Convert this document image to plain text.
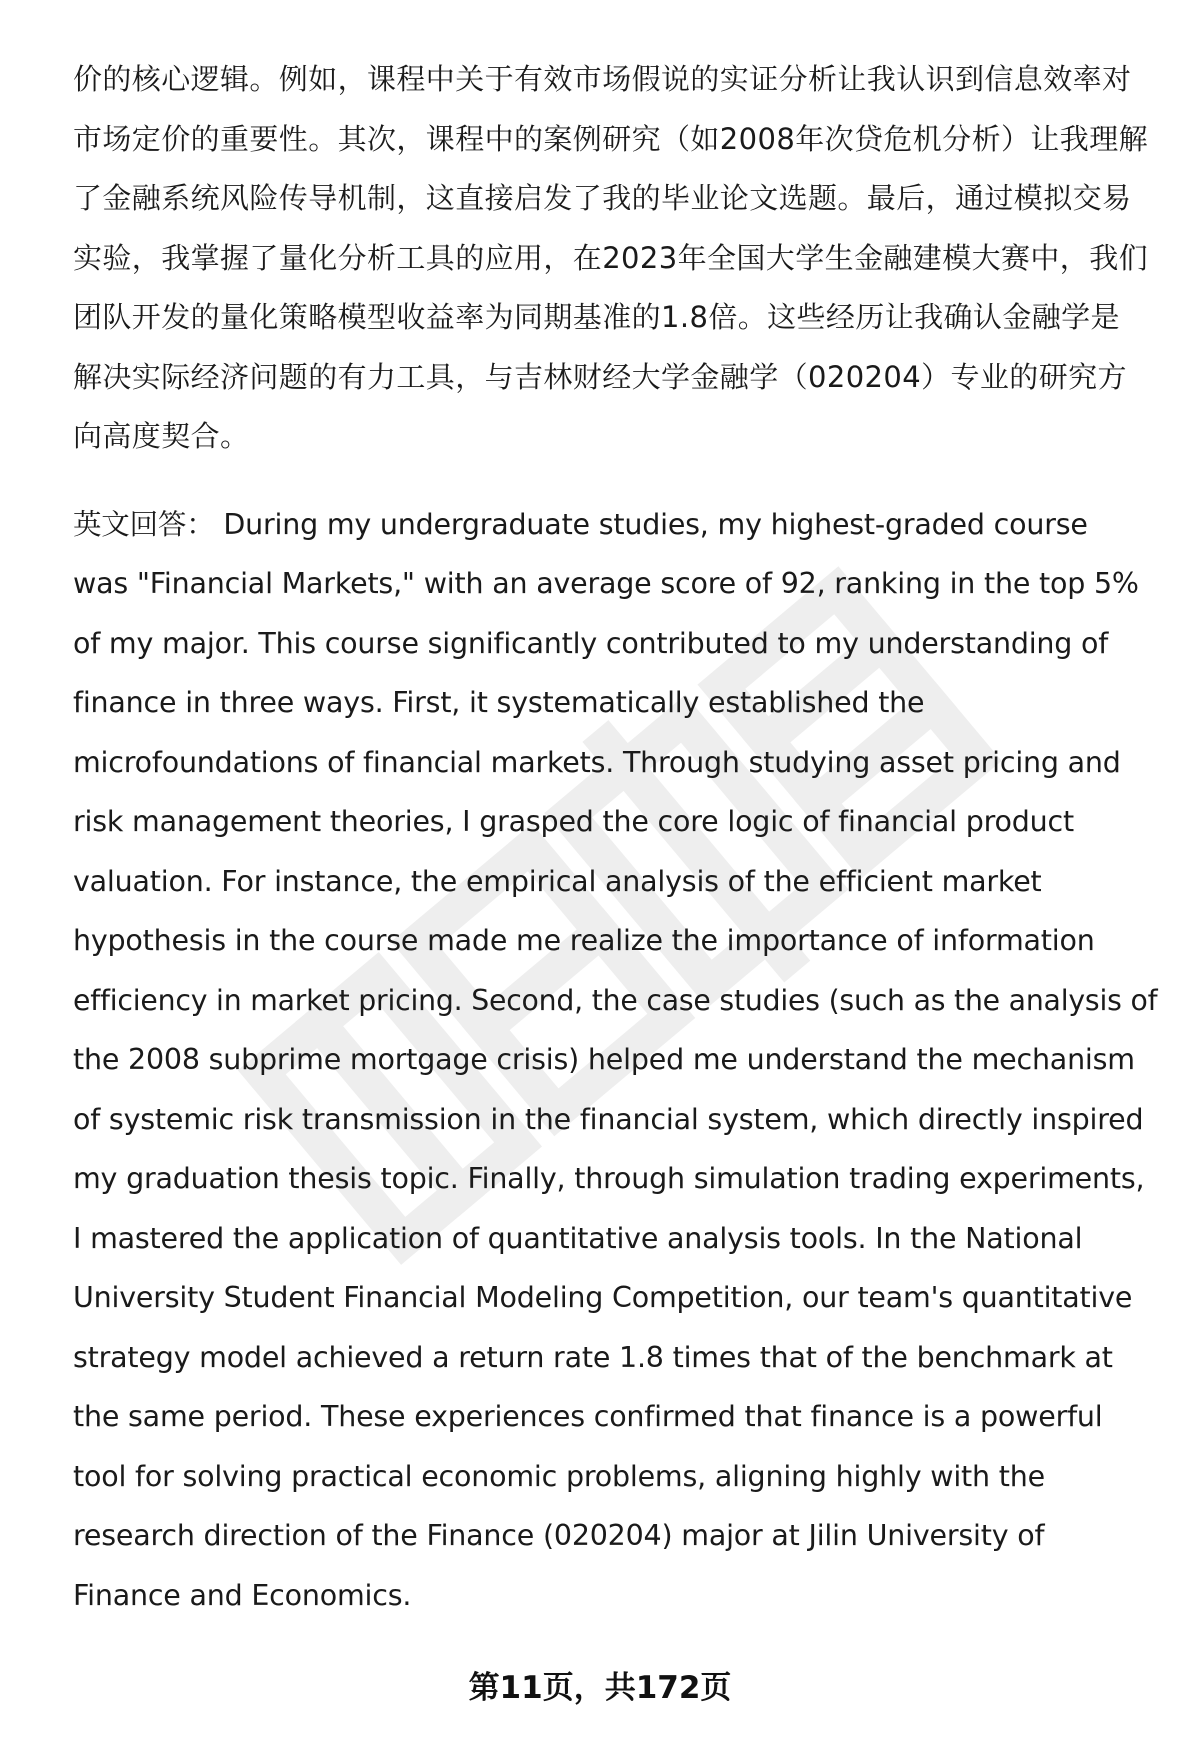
价的核心逻辑。例如，课程中关于有效市场假说的实证分析让我认识到信息效率对
市场定价的重要性。其次，课程中的案例研究（如2008年次贷危机分析）让我理解
了金融系统风险传导机制，这直接启发了我的毕业论文选题。最后，通过模拟交易
实验，我掌握了量化分析工具的应用，在2023年全国大学生金融建模大赛中，我们
团队开发的量化策略模型收益率为同期基准的1.8倍。这些经历让我确认金融学是
解决实际经济问题的有力工具，与吉林财经大学金融学（020204）专业的研究方
向高度契合。
英文回答： During my undergraduate studies, my highest-graded course
was "Financial Markets," with an average score of 92, ranking in the top 5%
of my major. This course significantly contributed to my understanding of
finance in three ways. First, it systematically established the
microfoundations of financial markets. Through studying asset pricing and
risk management theories, I grasped the core logic of financial product
valuation. For instance, the empirical analysis of the efficient market
hypothesis in the course made me realize the importance of information
efficiency in market pricing. Second, the case studies (such as the analysis of
the 2008 subprime mortgage crisis) helped me understand the mechanism
of systemic risk transmission in the financial system, which directly inspired
my graduation thesis topic. Finally, through simulation trading experiments,
I mastered the application of quantitative analysis tools. In the National
University Student Financial Modeling Competition, our team's quantitative
strategy model achieved a return rate 1.8 times that of the benchmark at
the same period. These experiences confirmed that finance is a powerful
tool for solving practical economic problems, aligning highly with the
research direction of the Finance (020204) major at Jilin University of
Finance and Economics.
第11页，共172页
